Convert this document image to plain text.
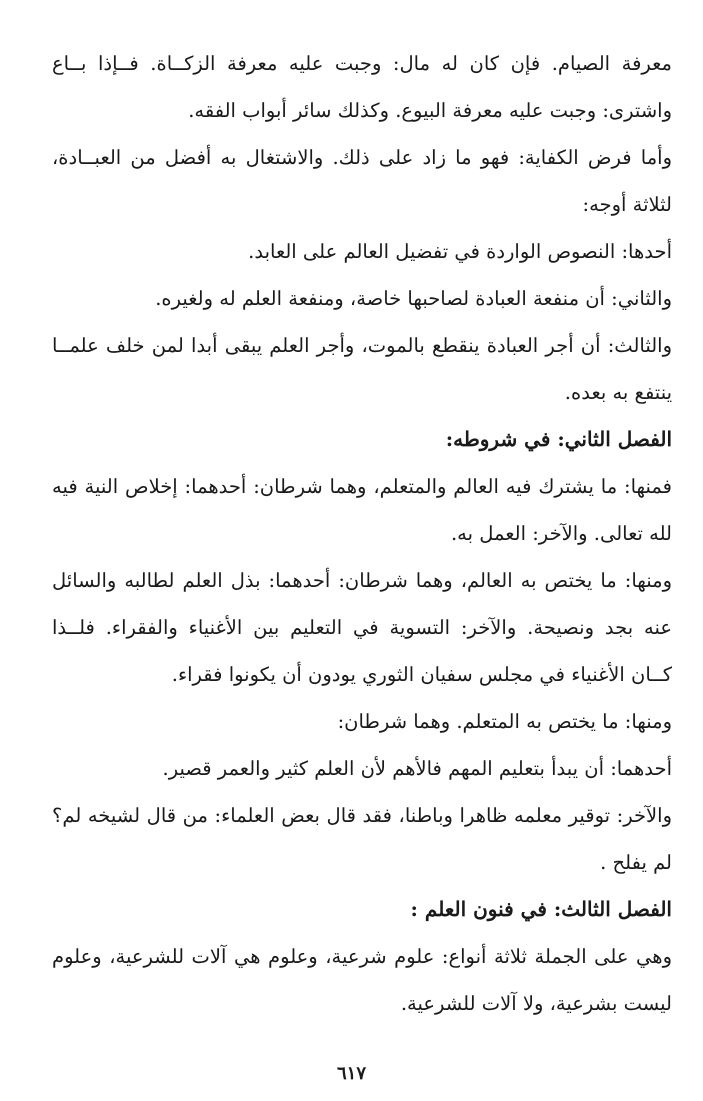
معرفة الصيام. فإن كان له مال: وجبت عليه معرفة الزكــاة. فــإذا بــاع واشترى: وجبت عليه معرفة البيوع. وكذلك سائر أبواب الفقه.

وأما فرض الكفاية: فهو ما زاد على ذلك. والاشتغال به أفضل من العبــادة، لثلاثة أوجه:

أحدها: النصوص الواردة في تفضيل العالم على العابد.

والثاني: أن منفعة العبادة لصاحبها خاصة، ومنفعة العلم له ولغيره.

والثالث: أن أجر العبادة ينقطع بالموت، وأجر العلم يبقى أبدا لمن خلف علمــا ينتفع به بعده.

الفصل الثاني: في شروطه:

فمنها: ما يشترك فيه العالم والمتعلم، وهما شرطان: أحدهما: إخلاص النية فيه لله تعالى. والآخر: العمل به.

ومنها: ما يختص به العالم، وهما شرطان: أحدهما: بذل العلم لطالبه والسائل عنه بجد ونصيحة. والآخر: التسوية في التعليم بين الأغنياء والفقراء. فلــذا كــان الأغنياء في مجلس سفيان الثوري يودون أن يكونوا فقراء.

ومنها: ما يختص به المتعلم. وهما شرطان:

أحدهما: أن يبدأ بتعليم المهم فالأهم لأن العلم كثير والعمر قصير.

والآخر: توقير معلمه ظاهرا وباطنا، فقد قال بعض العلماء: من قال لشيخه لم؟ لم يفلح .

الفصل الثالث: في فنون العلم :

وهي على الجملة ثلاثة أنواع: علوم شرعية، وعلوم هي آلات للشرعية، وعلوم ليست بشرعية، ولا آلات للشرعية.

٦١٧
